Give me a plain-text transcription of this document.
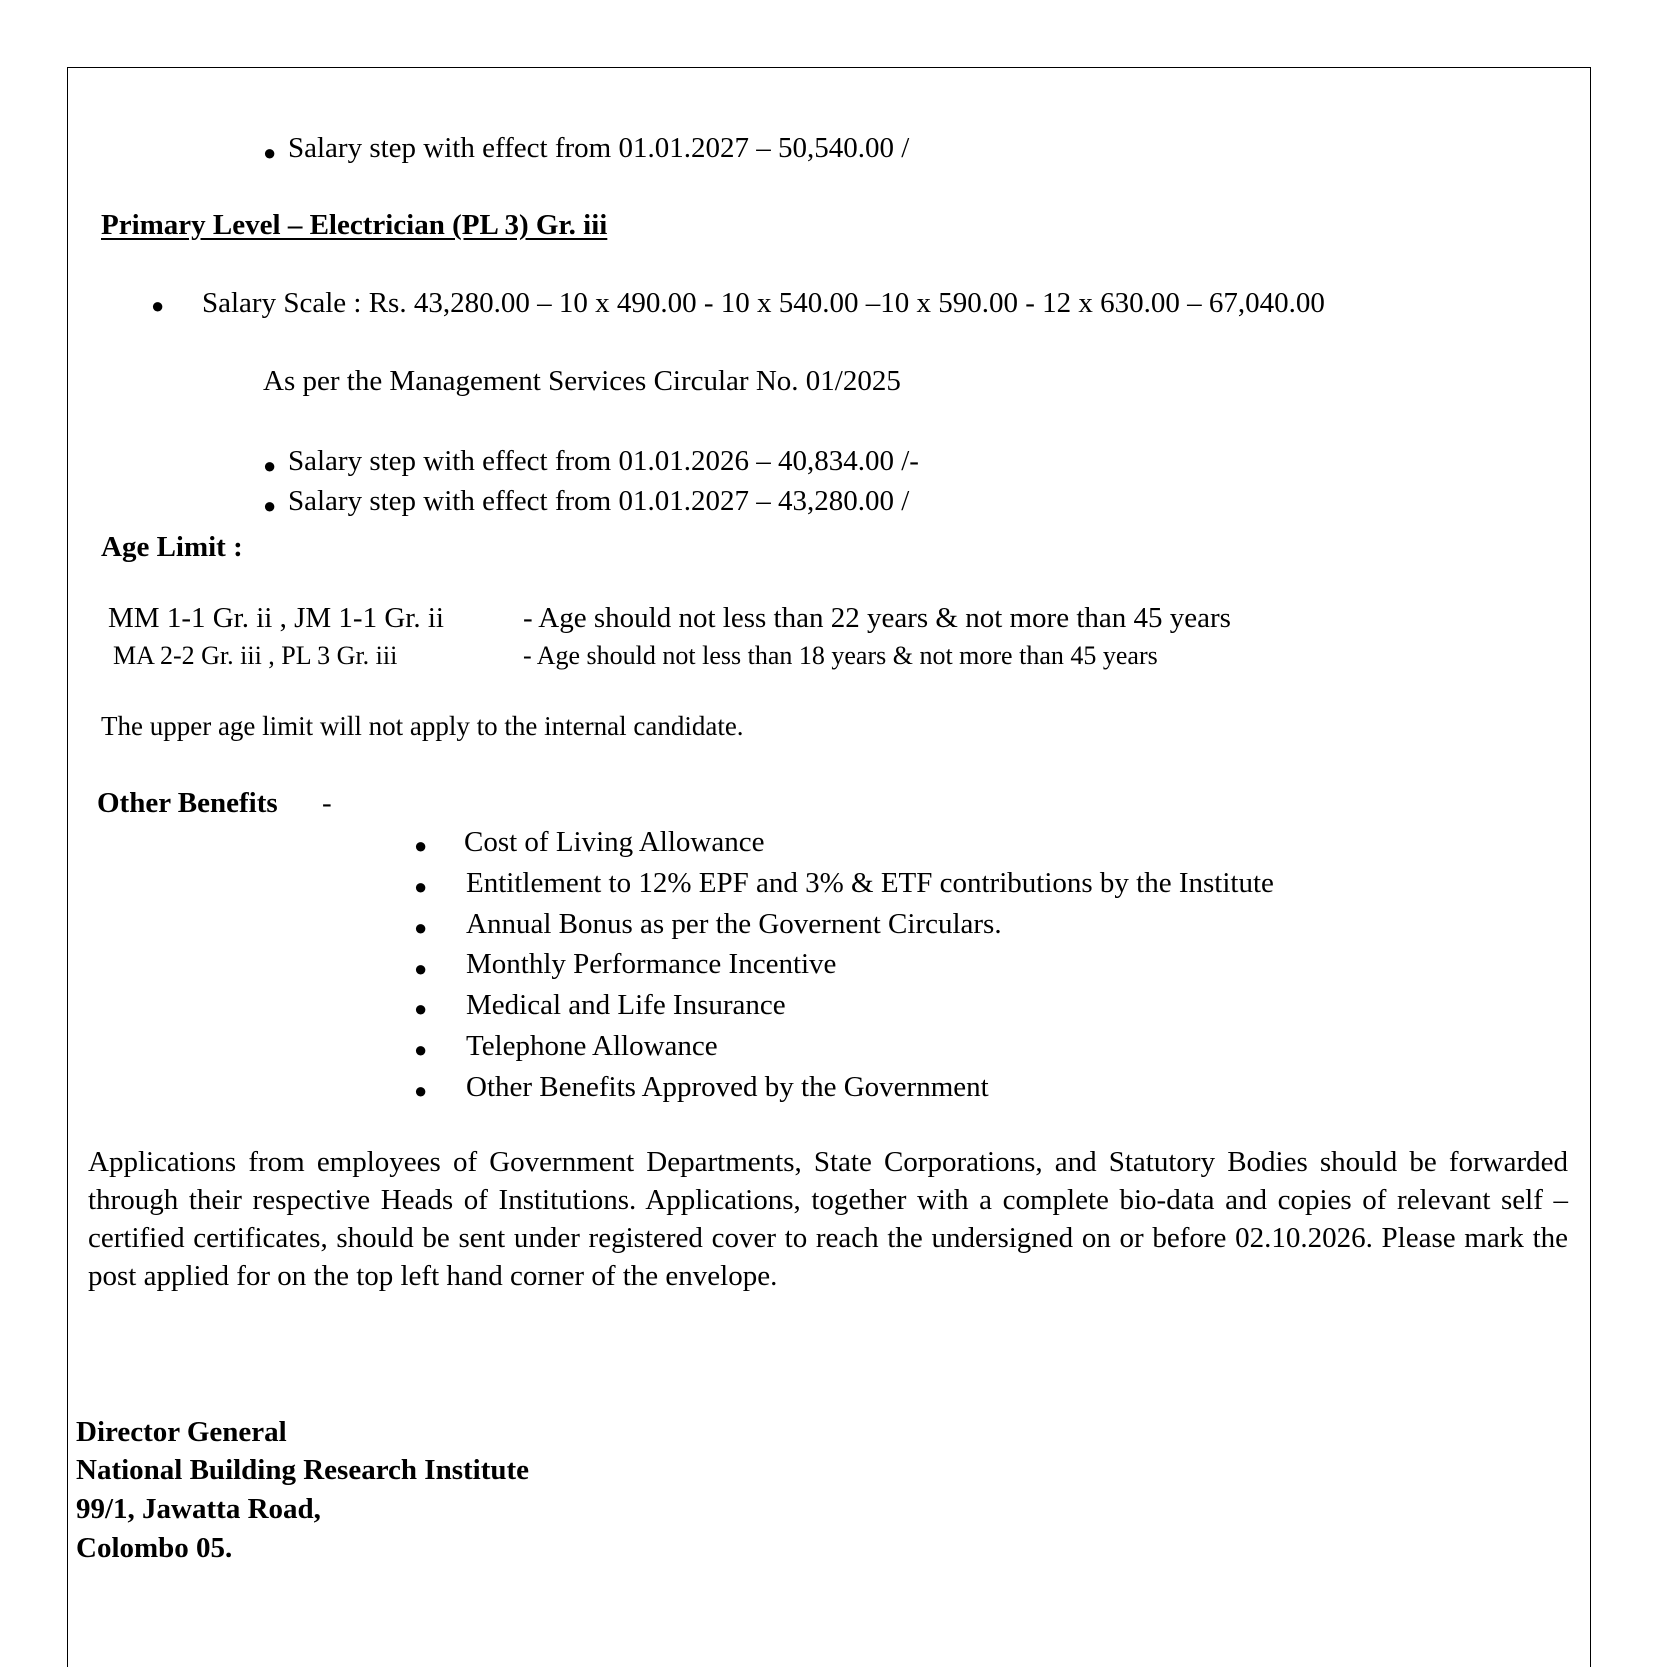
● Salary step with effect from 01.01.2027 – 50,540.00 /
Primary Level – Electrician (PL 3) Gr. iii
● Salary Scale : Rs. 43,280.00 – 10 x 490.00 - 10 x 540.00 –10 x 590.00 - 12 x 630.00 – 67,040.00
As per the Management Services Circular No. 01/2025
● Salary step with effect from 01.01.2026 – 40,834.00 /-
● Salary step with effect from 01.01.2027 – 43,280.00 /
Age Limit :
MM 1-1 Gr. ii , JM 1-1 Gr. ii	- Age should not less than 22 years & not more than 45 years
MA 2-2 Gr. iii , PL 3 Gr. iii	- Age should not less than 18 years & not more than 45 years
The upper age limit will not apply to the internal candidate.
Other Benefits -
● Cost of Living Allowance
● Entitlement to 12% EPF and 3% & ETF contributions by the Institute
● Annual Bonus as per the Governent Circulars.
● Monthly Performance Incentive
● Medical and Life Insurance
● Telephone Allowance
● Other Benefits Approved by the Government
Applications from employees of Government Departments, State Corporations, and Statutory Bodies should be forwarded through their respective Heads of Institutions. Applications, together with a complete bio-data and copies of relevant self – certified certificates, should be sent under registered cover to reach the undersigned on or before 02.10.2026. Please mark the post applied for on the top left hand corner of the envelope.
Director General
National Building Research Institute
99/1, Jawatta Road,
Colombo 05.
